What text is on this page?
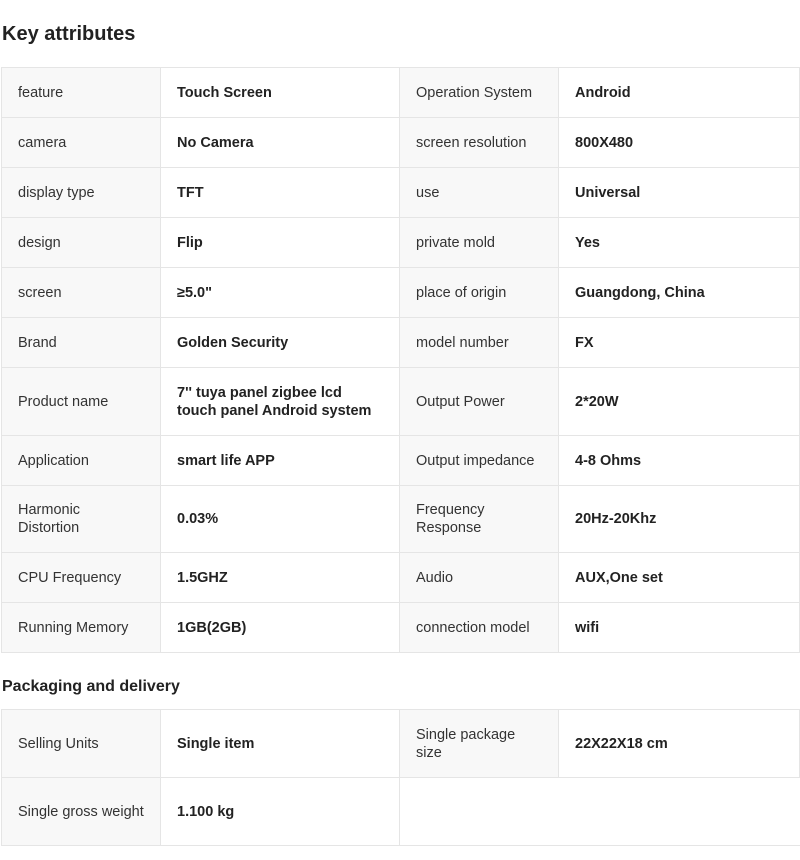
Key attributes
feature	Touch Screen	Operation System	Android
camera	No Camera	screen resolution	800X480
display type	TFT	use	Universal
design	Flip	private mold	Yes
screen	≥5.0"	place of origin	Guangdong, China
Brand	Golden Security	model number	FX
Product name	7'' tuya panel zigbee lcd touch panel Android system	Output Power	2*20W
Application	smart life APP	Output impedance	4-8 Ohms
Harmonic Distortion	0.03%	Frequency Response	20Hz-20Khz
CPU Frequency	1.5GHZ	Audio	AUX,One set
Running Memory	1GB(2GB)	connection model	wifi
Packaging and delivery
Selling Units	Single item	Single package size	22X22X18 cm
Single gross weight	1.100 kg		
